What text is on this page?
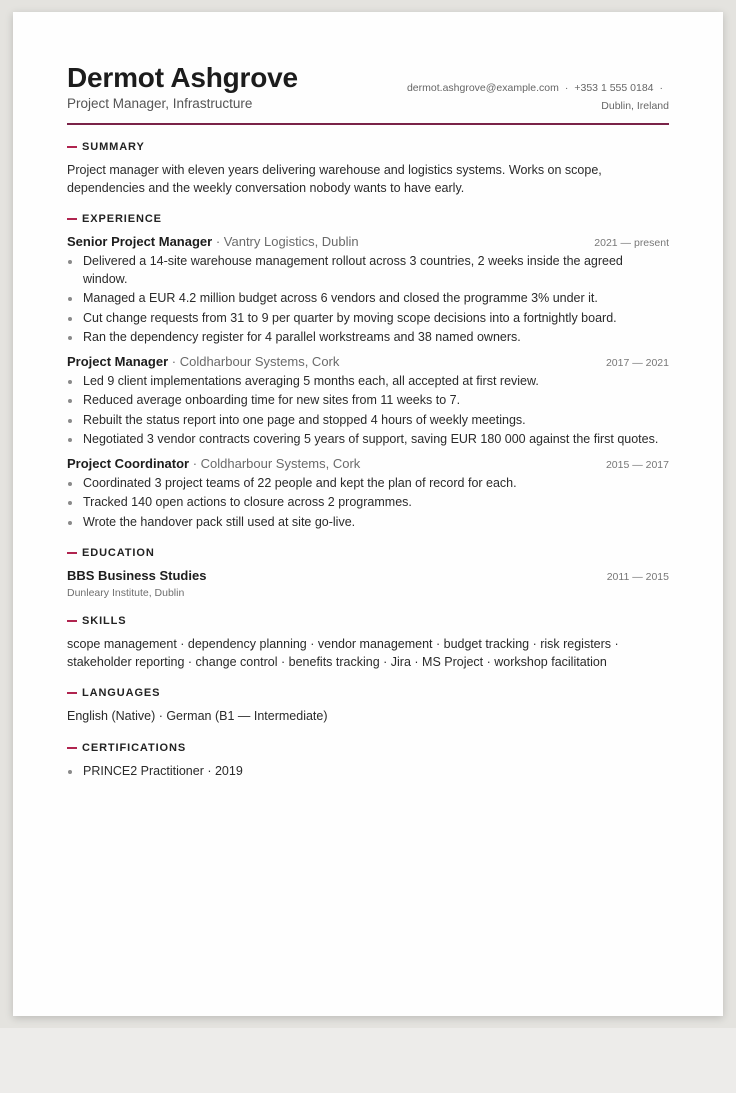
Dermot Ashgrove
Project Manager, Infrastructure
dermot.ashgrove@example.com · +353 1 555 0184 ·
Dublin, Ireland
SUMMARY
Project manager with eleven years delivering warehouse and logistics systems. Works on scope, dependencies and the weekly conversation nobody wants to have early.
EXPERIENCE
Senior Project Manager · Vantry Logistics, Dublin	2021 — present
Delivered a 14-site warehouse management rollout across 3 countries, 2 weeks inside the agreed window.
Managed a EUR 4.2 million budget across 6 vendors and closed the programme 3% under it.
Cut change requests from 31 to 9 per quarter by moving scope decisions into a fortnightly board.
Ran the dependency register for 4 parallel workstreams and 38 named owners.
Project Manager · Coldharbour Systems, Cork	2017 — 2021
Led 9 client implementations averaging 5 months each, all accepted at first review.
Reduced average onboarding time for new sites from 11 weeks to 7.
Rebuilt the status report into one page and stopped 4 hours of weekly meetings.
Negotiated 3 vendor contracts covering 5 years of support, saving EUR 180 000 against the first quotes.
Project Coordinator · Coldharbour Systems, Cork	2015 — 2017
Coordinated 3 project teams of 22 people and kept the plan of record for each.
Tracked 140 open actions to closure across 2 programmes.
Wrote the handover pack still used at site go-live.
EDUCATION
BBS Business Studies	2011 — 2015
Dunleary Institute, Dublin
SKILLS
scope management · dependency planning · vendor management · budget tracking · risk registers · stakeholder reporting · change control · benefits tracking · Jira · MS Project · workshop facilitation
LANGUAGES
English (Native) · German (B1 — Intermediate)
CERTIFICATIONS
PRINCE2 Practitioner · 2019
